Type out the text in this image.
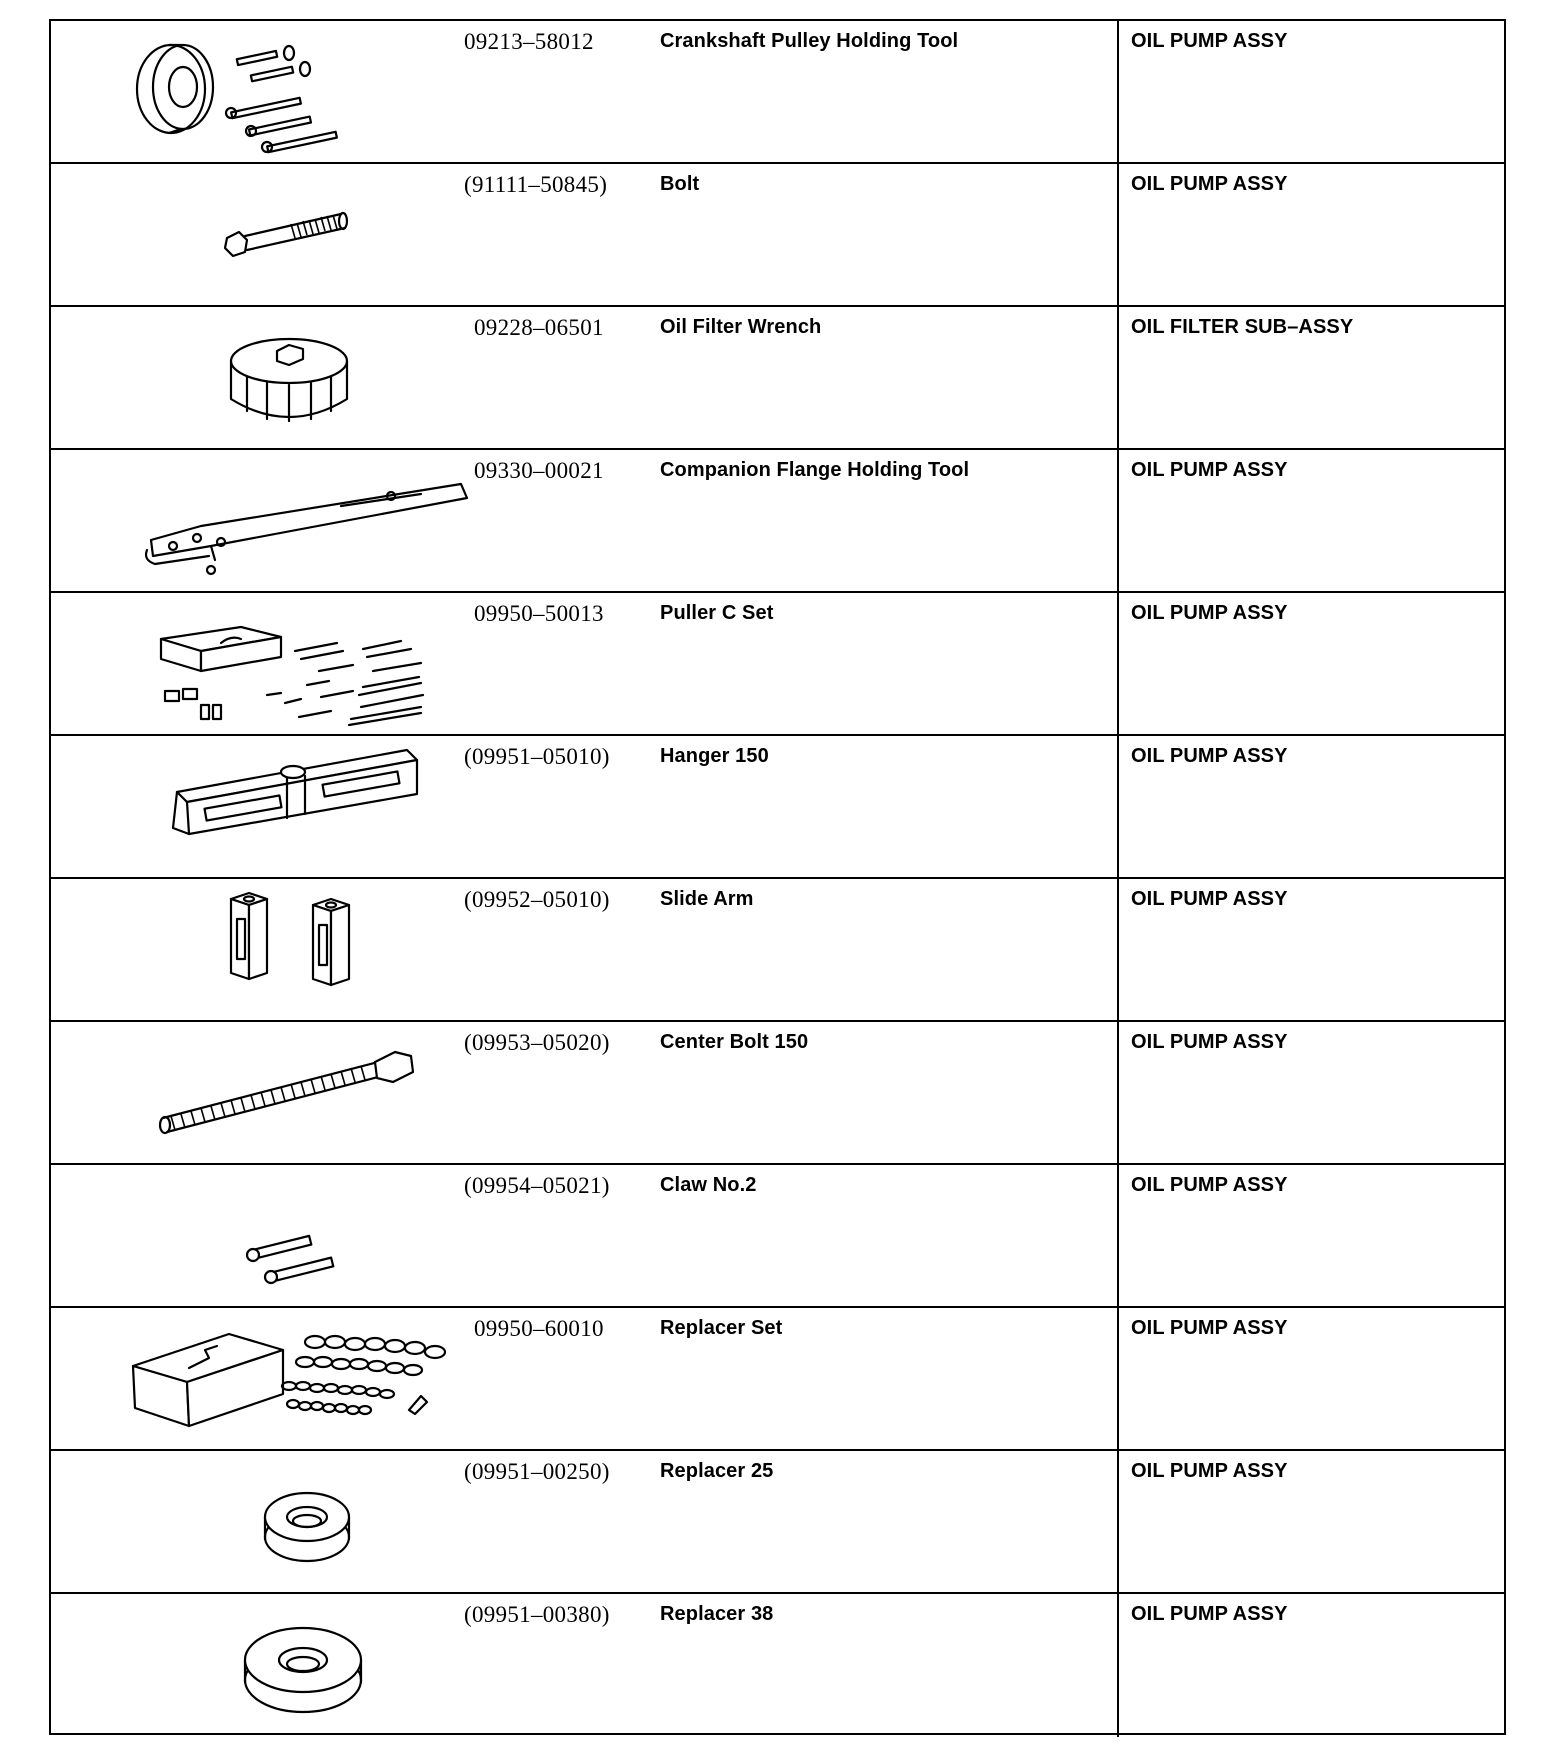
09213–58012	Crankshaft Pulley Holding Tool	OIL PUMP ASSY
(91111–50845)	Bolt	OIL PUMP ASSY
09228–06501	Oil Filter Wrench	OIL FILTER SUB–ASSY
09330–00021	Companion Flange Holding Tool	OIL PUMP ASSY
09950–50013	Puller C Set	OIL PUMP ASSY
(09951–05010)	Hanger 150	OIL PUMP ASSY
(09952–05010)	Slide Arm	OIL PUMP ASSY
(09953–05020)	Center Bolt 150	OIL PUMP ASSY
(09954–05021)	Claw No.2	OIL PUMP ASSY
09950–60010	Replacer Set	OIL PUMP ASSY
(09951–00250)	Replacer 25	OIL PUMP ASSY
(09951–00380)	Replacer 38	OIL PUMP ASSY
